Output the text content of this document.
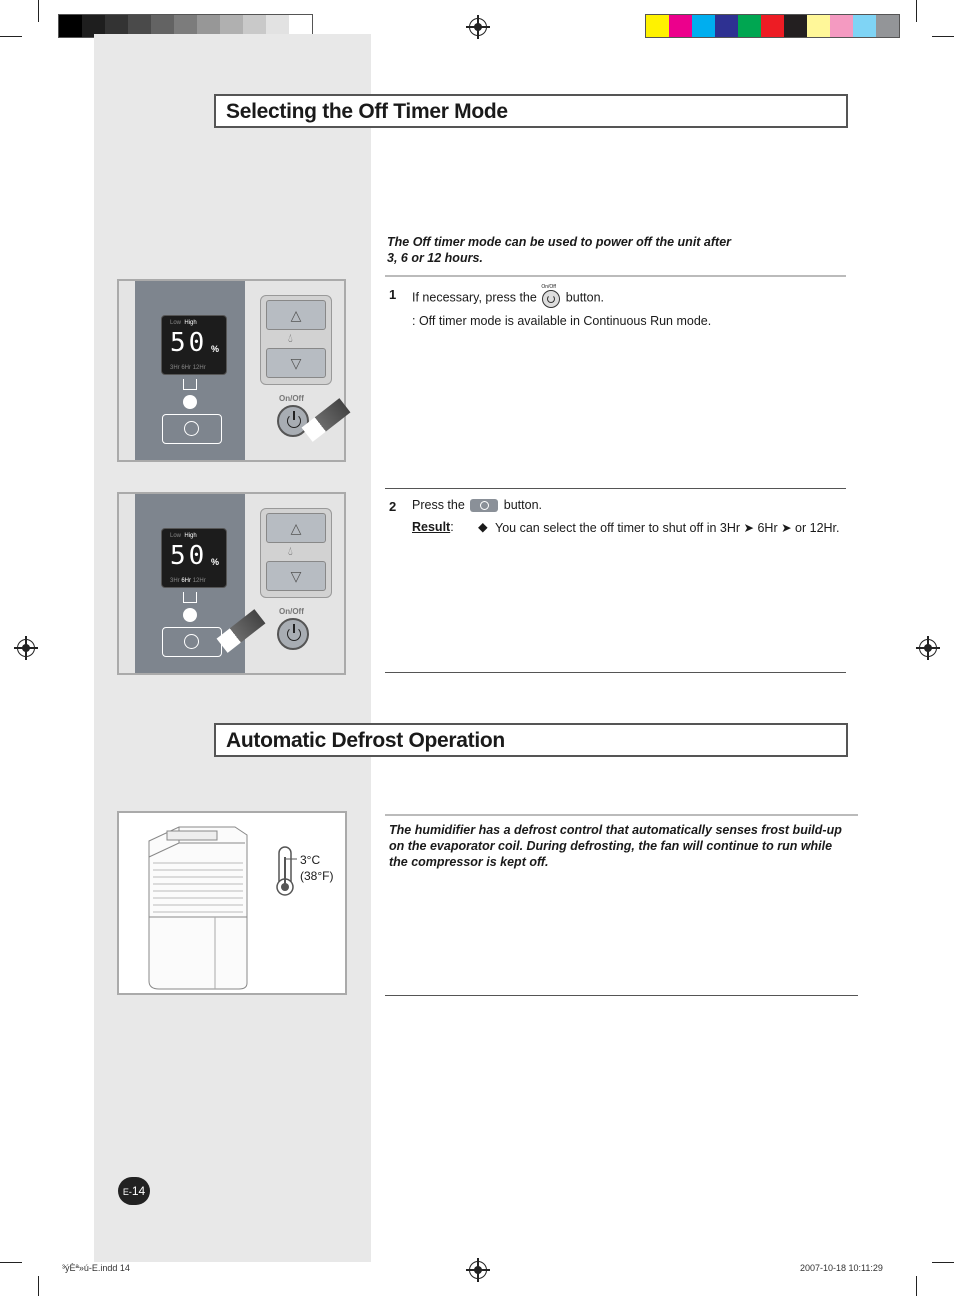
Selecting the Off Timer Mode
The Off timer mode can be used to power off the unit after 3, 6 or 12 hours.
Low High
50 %
3Hr 6Hr 12Hr
△
💧︎
▽
On/Off
1 If necessary, press the
On/Off
button.
: Off timer mode is available in Continuous Run mode.
Low High
50 %
3Hr 6Hr 12Hr
△
💧︎
▽
On/Off
2 Press the	button.
Result: ◆ You can select the off timer to shut off in 3Hr ➤ 6Hr ➤ or 12Hr.
Automatic Defrost Operation
3°C
(38°F)
The humidifier has a defrost control that automatically senses frost build-up on the evaporator coil. During defrosting, the fan will continue to run while the compressor is kept off.
E-14
³ýÈª»ú-E.indd 14	2007-10-18 10:11:29
